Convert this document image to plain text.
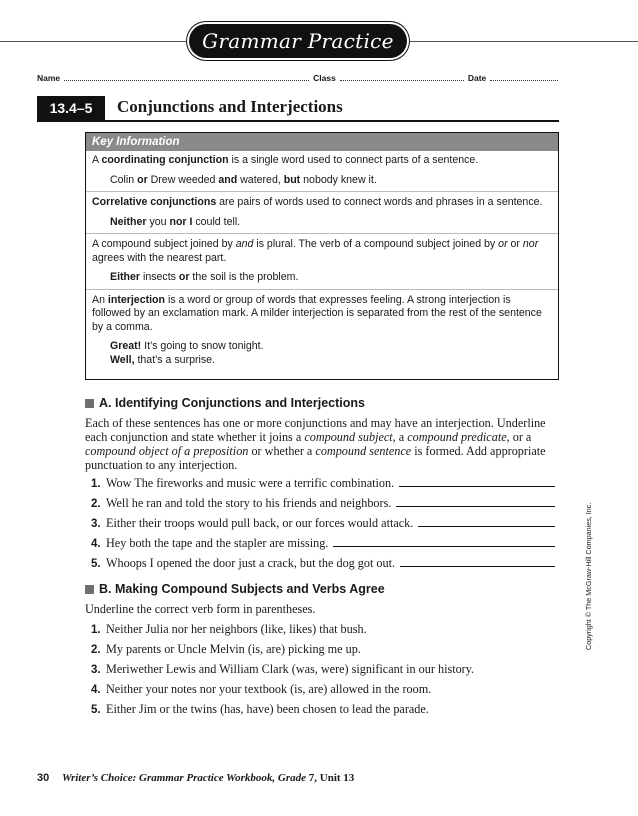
Grammar Practice
Name	Class	Date
13.4–5	Conjunctions and Interjections
Key Information

A coordinating conjunction is a single word used to connect parts of a sentence.

Colin or Drew weeded and watered, but nobody knew it.

Correlative conjunctions are pairs of words used to connect words and phrases in a sentence.

Neither you nor I could tell.

A compound subject joined by and is plural. The verb of a compound subject joined by or or nor agrees with the nearest part.

Either insects or the soil is the problem.

An interjection is a word or group of words that expresses feeling. A strong interjection is followed by an exclamation mark. A milder interjection is separated from the rest of the sentence by a comma.

Great! It’s going to snow tonight.

Well, that’s a surprise.

A. Identifying Conjunctions and Interjections
Each of these sentences has one or more conjunctions and may have an interjection. Underline each conjunction and state whether it joins a compound subject, a compound predicate, or a compound object of a preposition or whether a compound sentence is formed. Add appropriate punctuation to any interjection.
1. Wow The fireworks and music were a terrific combination.
2. Well he ran and told the story to his friends and neighbors.
3. Either their troops would pull back, or our forces would attack.
4. Hey both the tape and the stapler are missing.
5. Whoops I opened the door just a crack, but the dog got out.
B. Making Compound Subjects and Verbs Agree
Underline the correct verb form in parentheses.
1. Neither Julia nor her neighbors (like, likes) that bush.
2. My parents or Uncle Melvin (is, are) picking me up.
3. Meriwether Lewis and William Clark (was, were) significant in our history.
4. Neither your notes nor your textbook (is, are) allowed in the room.
5. Either Jim or the twins (has, have) been chosen to lead the parade.
Copyright © The McGraw-Hill Companies, Inc.
30 Writer’s Choice: Grammar Practice Workbook, Grade 7, Unit 13
